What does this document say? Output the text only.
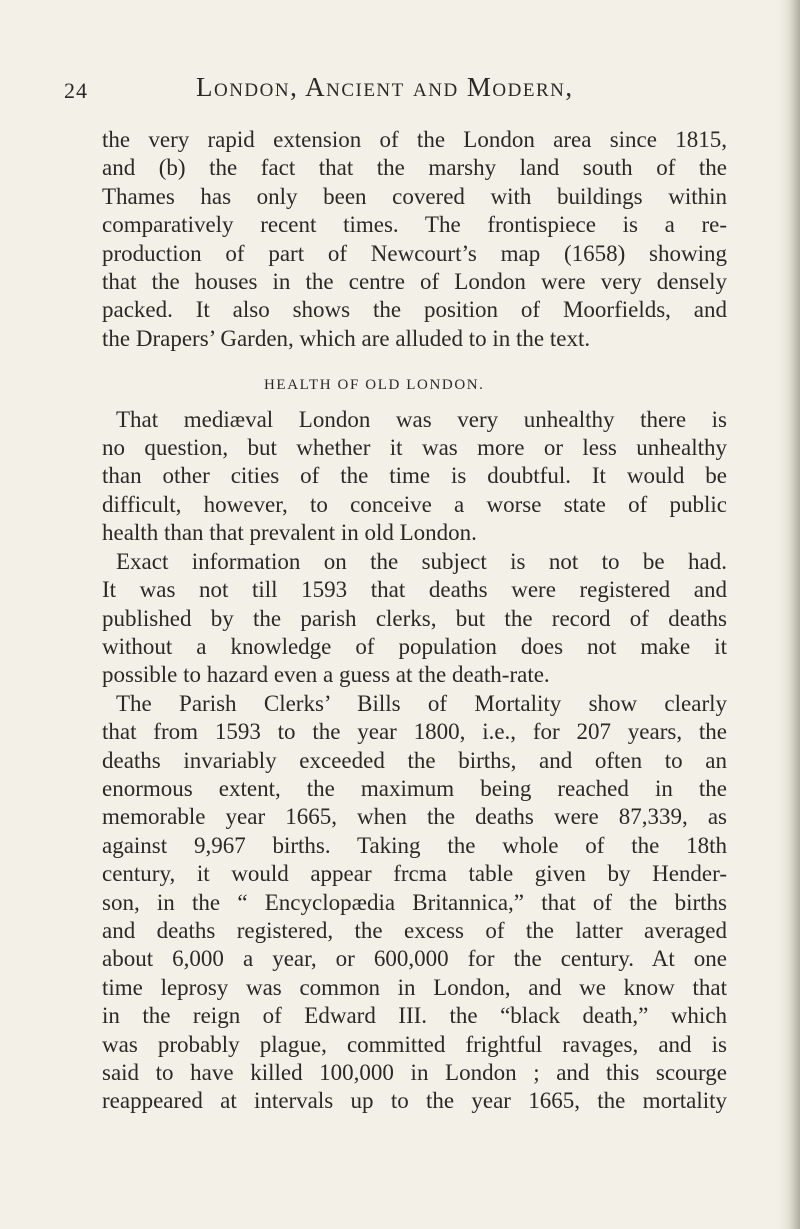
24	London, Ancient and Modern,
the very rapid extension of the London area since 1815,
and (b) the fact that the marshy land south of the
Thames has only been covered with buildings within
comparatively recent times. The frontispiece is a re-
production of part of Newcourt’s map (1658) showing
that the houses in the centre of London were very densely
packed. It also shows the position of Moorfields, and
the Drapers’ Garden, which are alluded to in the text.
HEALTH OF OLD LONDON.
That mediæval London was very unhealthy there is
no question, but whether it was more or less unhealthy
than other cities of the time is doubtful. It would be
difficult, however, to conceive a worse state of public
health than that prevalent in old London.
Exact information on the subject is not to be had.
It was not till 1593 that deaths were registered and
published by the parish clerks, but the record of deaths
without a knowledge of population does not make it
possible to hazard even a guess at the death-rate.
The Parish Clerks’ Bills of Mortality show clearly
that from 1593 to the year 1800, i.e., for 207 years, the
deaths invariably exceeded the births, and often to an
enormous extent, the maximum being reached in the
memorable year 1665, when the deaths were 87,339, as
against 9,967 births. Taking the whole of the 18th
century, it would appear frcma table given by Hender-
son, in the “ Encyclopædia Britannica,” that of the births
and deaths registered, the excess of the latter averaged
about 6,000 a year, or 600,000 for the century. At one
time leprosy was common in London, and we know that
in the reign of Edward III. the “black death,” which
was probably plague, committed frightful ravages, and is
said to have killed 100,000 in London ; and this scourge
reappeared at intervals up to the year 1665, the mortality
